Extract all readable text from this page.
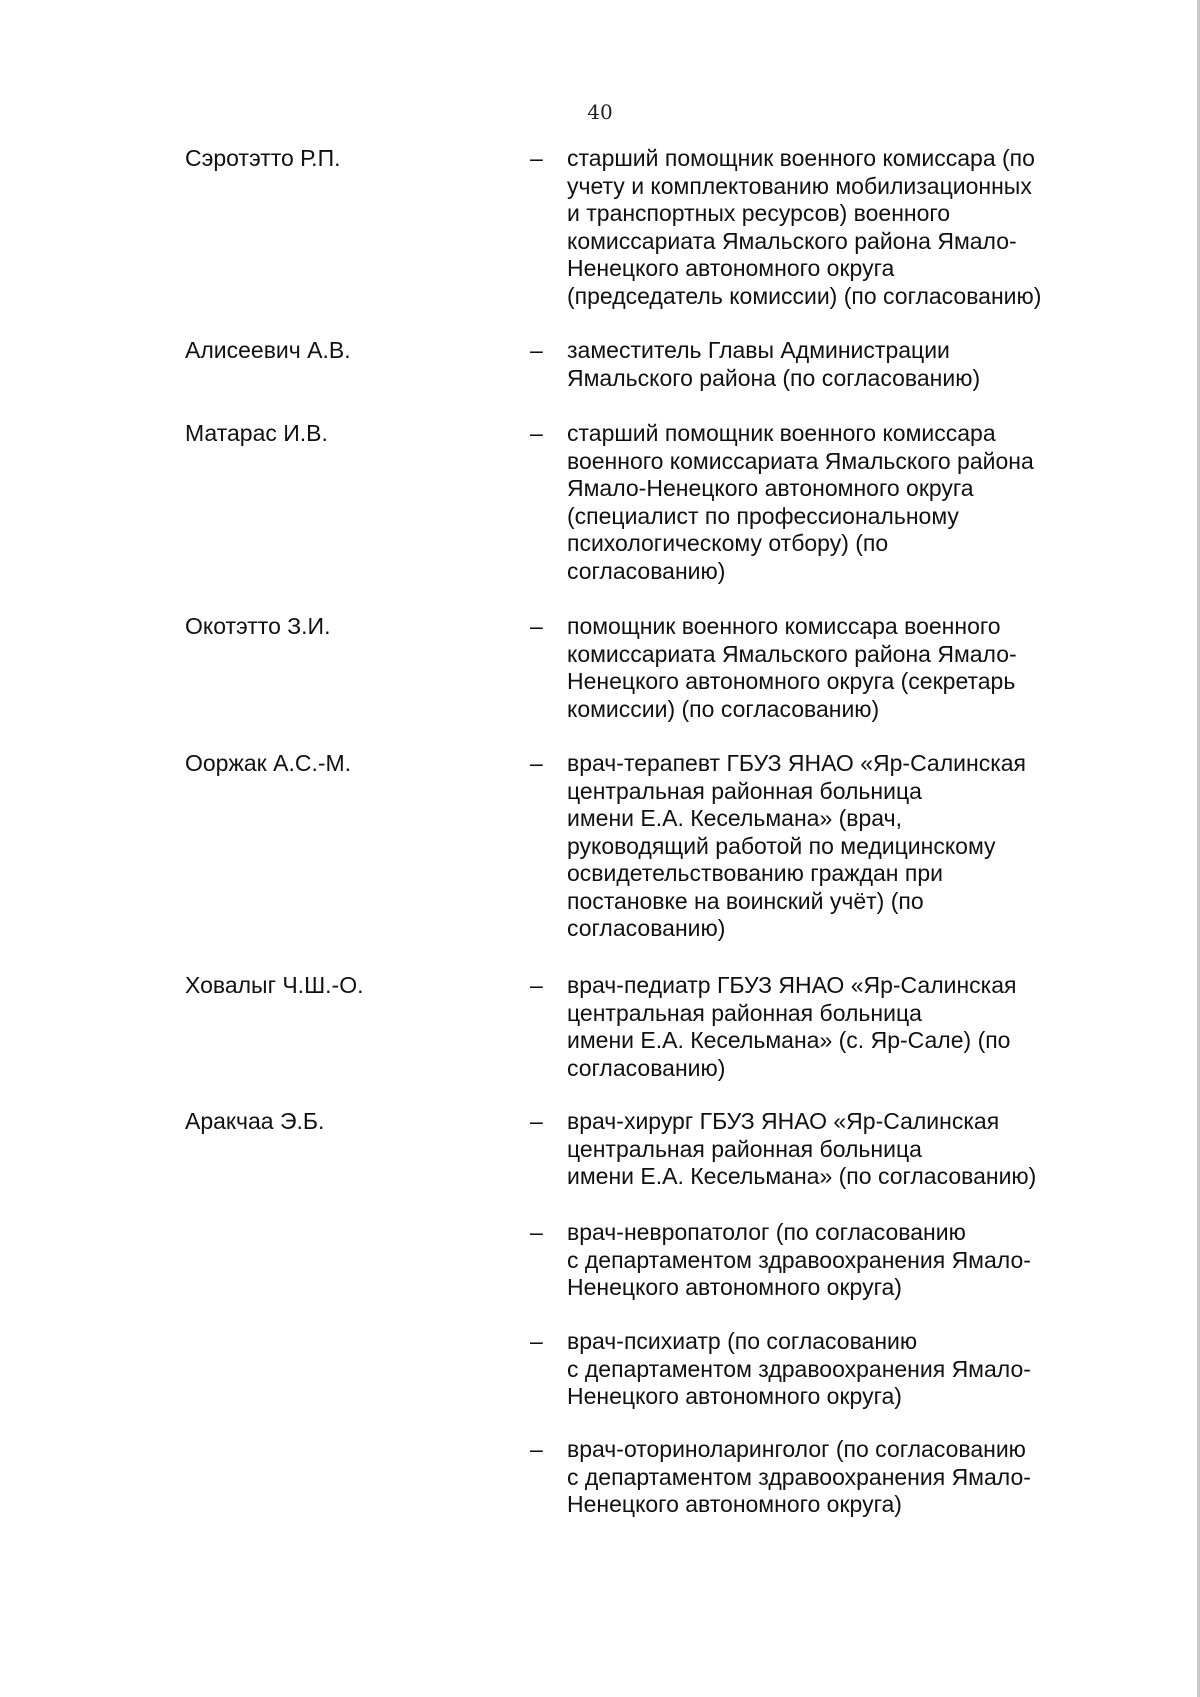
40
Сэротэтто Р.П.	– старший помощник военного комиссара (по
учету и комплектованию мобилизационных
и транспортных ресурсов) военного
комиссариата Ямальского района Ямало-
Ненецкого автономного округа
(председатель комиссии) (по согласованию)
Алисеевич А.В.	– заместитель Главы Администрации
Ямальского района (по согласованию)
Матарас И.В.	– старший помощник военного комиссара
военного комиссариата Ямальского района
Ямало-Ненецкого автономного округа
(специалист по профессиональному
психологическому отбору) (по
согласованию)
Окотэтто З.И.	– помощник военного комиссара военного
комиссариата Ямальского района Ямало-
Ненецкого автономного округа (секретарь
комиссии) (по согласованию)
Ооржак А.С.-М.	– врач-терапевт ГБУЗ ЯНАО «Яр-Салинская
центральная районная больница
имени Е.А. Кесельмана» (врач,
руководящий работой по медицинскому
освидетельствованию граждан при
постановке на воинский учёт) (по
согласованию)
Ховалыг Ч.Ш.-О.	– врач-педиатр ГБУЗ ЯНАО «Яр-Салинская
центральная районная больница
имени Е.А. Кесельмана» (с. Яр-Сале) (по
согласованию)
Аракчаа Э.Б.	– врач-хирург ГБУЗ ЯНАО «Яр-Салинская
центральная районная больница
имени Е.А. Кесельмана» (по согласованию)
– врач-невропатолог (по согласованию
с департаментом здравоохранения Ямало-
Ненецкого автономного округа)
– врач-психиатр (по согласованию
с департаментом здравоохранения Ямало-
Ненецкого автономного округа)
– врач-оториноларинголог (по согласованию
с департаментом здравоохранения Ямало-
Ненецкого автономного округа)
